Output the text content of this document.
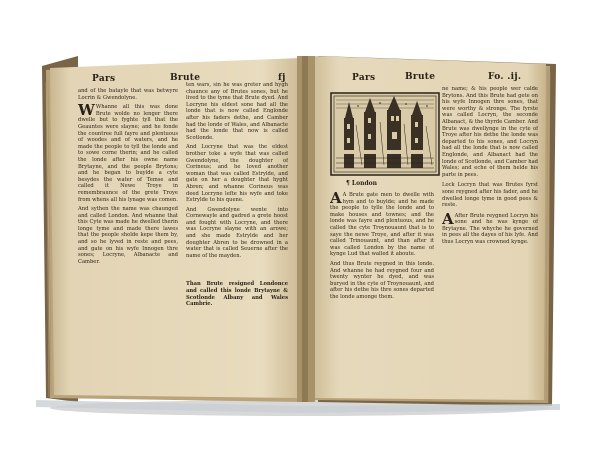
Pars	Brute	fj
and of the batayle that was betwyre Locrin & Gwendolyne.
W Whanne all this was done Brute wolde no lenger there dwelle but to fyghte tyll that the Geauntes were slayne; and he fonde the countree full fayre and plentuous of woodes and of waters, and he made the people to tyll the londe and to sowe corne therin; and he called the londe after his owne name Brytayne, and the people Brytons; and he began to buylde a cyte besydes the water of Temse and called it Newe Troye in remembraunce of the grete Troye from whens all his lynage was comen.
And sythen the name was chaunged and called London. And whanne that this Cyte was made he dwelled therin longe tyme and made there lawes that the people sholde kepe them by, and so he lyved in reste and pees, and gate on his wyfe Innogen thre sones; Locryne, Albanacte and Camber.
ten wars, sin he was greter and hygh chaunce any of Brutes sones, but he lived to the tyme that Brute dyed. And Locryne his eldest sone had all the londe that is now called Englonde after his faders dethe, and Camber had the londe of Wales, and Albanacte had the londe that now is called Scotlonde.
And Locryne that was the eldest brother toke a wyfe that was called Gwendolyne, the doughter of Corineus; and he loved another woman that was called Estrylde, and gate on her a doughter that hyght Abren; and whanne Corineus was deed Locryne lefte his wyfe and toke Estrylde to his quene.
And Gwendolyne wente into Cornewayle and gadred a grete hoost and fought with Locryne, and there was Locryne slayne with an arowe; and she made Estrylde and her doughter Abren to be drowned in a water that is called Seuerne after the name of the mayden.
Than Brute resigned Londonce and called this londe Brytayne & Scotlonde Albany and Wales Cambrie.
Pars	Brute	Fo. .ij.
¶ London
A A Brute gate men to dwelle with hym and to buylde; and he made the people to tylle the londe and to make houses and townes; and the londe was fayre and plentuous, and he called the cyte Troynouaunt that is to saye the newe Troye, and after it was called Trinouaunt, and than after it was called London by the name of kynge Lud that walled it aboute.
And thus Brute reygned in this londe. And whanne he had reygned four and twenty wynter he dyed, and was buryed in the cyte of Troynouaunt, and after his dethe his thre sones departed the londe amonge them.
ne name; & his people wer calde Brytons. And this Brute had gete on his wyfe Innogen thre sones, that were worthy & stronge. The fyrste was called Locryn, the seconde Albanact, & the thyrde Camber. And Brute was dwellynge in the cyte of Troye after his dethe the londe was departed to his sones, and Locryn had all the londe that is now called Englonde, and Albanact had the londe of Scotlonde, and Camber had Wales; and eche of them helde his parte in pees.
Lock Locryn that was Brutes fyrst sone reygned after his fader, and he dwelled longe tyme in good pees & reste.
A After Brute reygned Locryn his sone and he was kynge of Brytayne. The whyche he governed in pees all the dayes of his lyfe. And thus Locryn was crowned kynge.
